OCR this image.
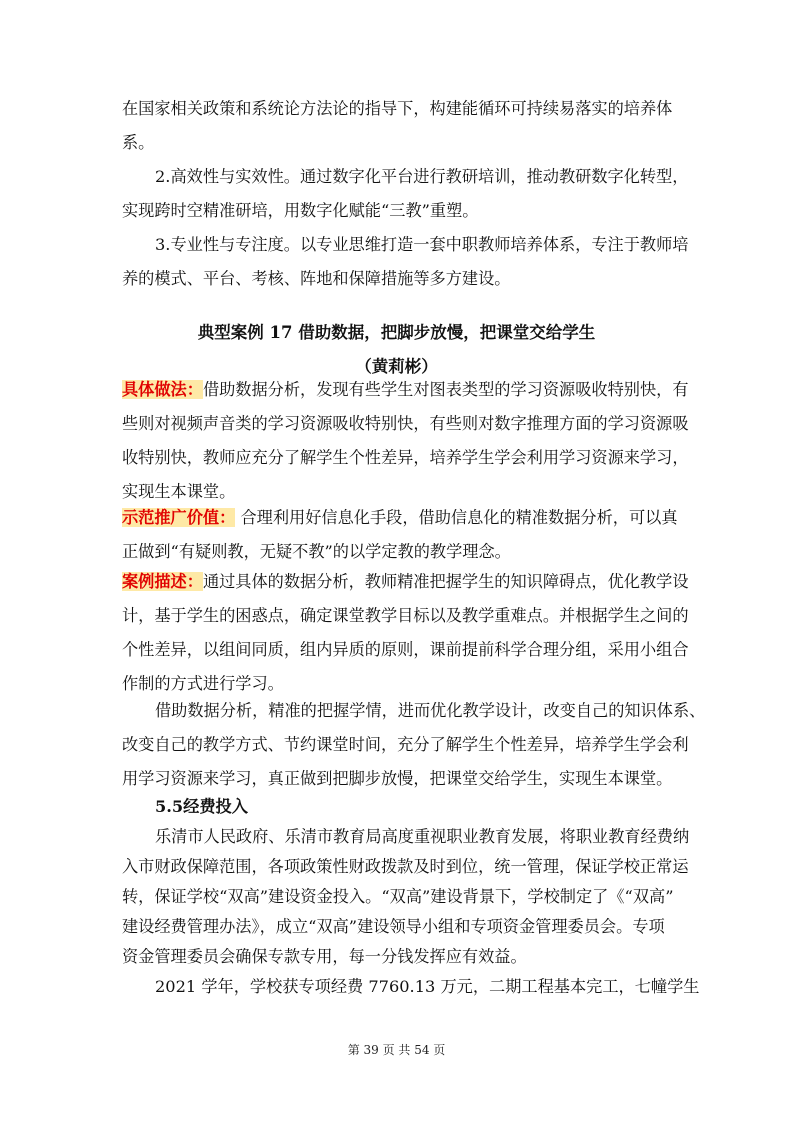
在国家相关政策和系统论方法论的指导下，构建能循环可持续易落实的培养体
系。
2.高效性与实效性。通过数字化平台进行教研培训，推动教研数字化转型，
实现跨时空精准研培，用数字化赋能“三教”重塑。
3.专业性与专注度。以专业思维打造一套中职教师培养体系，专注于教师培
养的模式、平台、考核、阵地和保障措施等多方建设。
典型案例 17 借助数据，把脚步放慢，把课堂交给学生
（黄莉彬）
具体做法：借助数据分析，发现有些学生对图表类型的学习资源吸收特别快，有
些则对视频声音类的学习资源吸收特别快，有些则对数字推理方面的学习资源吸
收特别快，教师应充分了解学生个性差异，培养学生学会利用学习资源来学习，
实现生本课堂。
示范推广价值： 合理利用好信息化手段，借助信息化的精准数据分析，可以真
正做到“有疑则教，无疑不教”的以学定教的教学理念。
案例描述：通过具体的数据分析，教师精准把握学生的知识障碍点，优化教学设
计，基于学生的困惑点，确定课堂教学目标以及教学重难点。并根据学生之间的
个性差异，以组间同质，组内异质的原则，课前提前科学合理分组，采用小组合
作制的方式进行学习。
借助数据分析，精准的把握学情，进而优化教学设计，改变自己的知识体系、
改变自己的教学方式、节约课堂时间，充分了解学生个性差异，培养学生学会利
用学习资源来学习，真正做到把脚步放慢，把课堂交给学生，实现生本课堂。
5.5经费投入
乐清市人民政府、乐清市教育局高度重视职业教育发展，将职业教育经费纳
入市财政保障范围，各项政策性财政拨款及时到位，统一管理，保证学校正常运
转，保证学校“双高”建设资金投入。“双高”建设背景下，学校制定了《“双高”
建设经费管理办法》，成立“双高”建设领导小组和专项资金管理委员会。专项
资金管理委员会确保专款专用，每一分钱发挥应有效益。
2021 学年，学校获专项经费 7760.13 万元，二期工程基本完工，七幢学生
第 39 页 共 54 页
